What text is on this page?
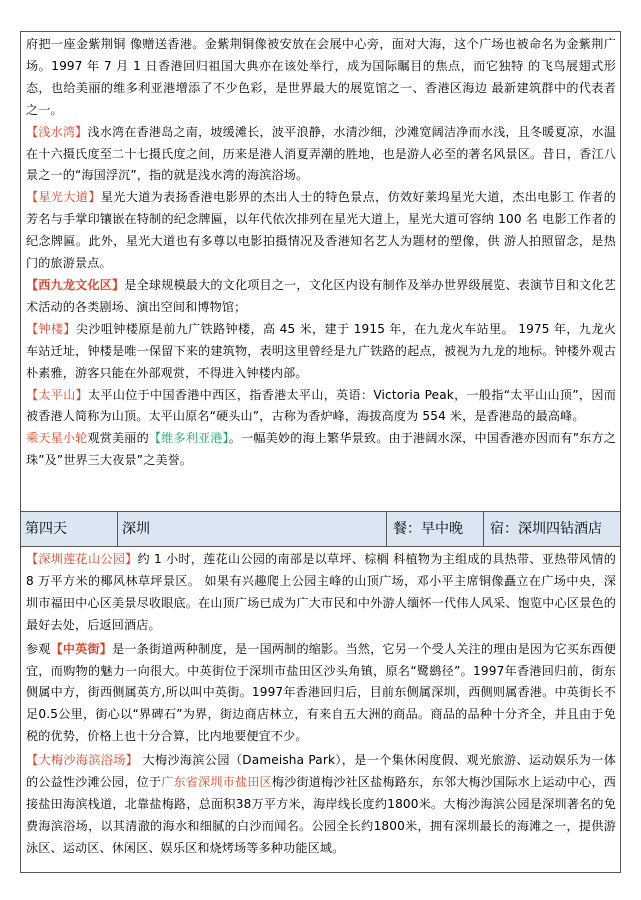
府把一座金紫荆铜 像赠送香港。金紫荆铜像被安放在会展中心旁，面对大海，这个广场也被命名为金紫荆广场。1997 年 7 月 1 日香港回归祖国大典亦在该处举行，成为国际瞩目的焦点，而它独特 的飞鸟展翅式形态，也给美丽的维多利亚港增添了不少色彩，是世界最大的展览馆之一、香港区海边 最新建筑群中的代表者之一。

【浅水湾】浅水湾在香港岛之南，坡缓滩长，波平浪静，水清沙细，沙滩宽阔洁净而水浅，且冬暖夏凉，水温在十六摄氏度至二十七摄氏度之间，历来是港人消夏弄潮的胜地，也是游人必至的著名风景区。昔日，香江八景之一的“海国浮沉”，指的就是浅水湾的海滨浴场。

【星光大道】星光大道为表扬香港电影界的杰出人士的特色景点，仿效好莱坞星光大道，杰出电影工 作者的芳名与手掌印镶嵌在特制的纪念牌匾，以年代依次排列在星光大道上，星光大道可容纳 100 名 电影工作者的纪念牌匾。此外，星光大道也有多尊以电影拍摄情况及香港知名艺人为题材的塑像，供 游人拍照留念，是热门的旅游景点。

【西九龙文化区】是全球规模最大的文化项目之一，文化区内设有制作及举办世界级展览、表演节目和文化艺术活动的各类剧场、演出空间和博物馆；

【钟楼】尖沙咀钟楼原是前九广铁路钟楼，高 45 米，建于 1915 年，在九龙火车站里。 1975 年，九龙火车站迁址，钟楼是唯一保留下来的建筑物，表明这里曾经是九广铁路的起点，被视为九龙的地标。钟楼外观古朴素雅，游客只能在外部观赏，不得进入钟楼内部。

【太平山】太平山位于中国香港中西区，指香港太平山，英语：Victoria Peak，一般指“太平山山顶”，因而被香港人简称为山顶。太平山原名“硬头山”，古称为香炉峰，海拔高度为 554 米，是香港岛的最高峰。

乘天星小轮观赏美丽的【维多利亚港】。一幅美妙的海上繁华景致。由于港阔水深，中国香港亦因而有”东方之珠”及”世界三大夜景”之美誉。

第四天	深圳	餐：早中晚	宿：深圳四钻酒店

【深圳莲花山公园】约 1 小时，莲花山公园的南部是以草坪、棕榈 科植物为主组成的具热带、亚热带风情的 8 万平方米的椰风林草坪景区。 如果有兴趣爬上公园主峰的山顶广场，邓小平主席铜像矗立在广场中央，深圳市福田中心区美景尽收眼底。在山顶广场已成为广大市民和中外游人缅怀一代伟人风采、饱览中心区景色的最好去处，后返回酒店。

参观【中英街】是一条街道两种制度，是一国两制的缩影。当然，它另一个受人关注的理由是因为它买东西便宜，而购物的魅力一向很大。中英街位于深圳市盐田区沙头角镇，原名“鹭鹚径”。1997年香港回归前，街东侧属中方，街西侧属英方,所以叫中英街。1997年香港回归后，目前东侧属深圳，西侧则属香港。中英街长不足0.5公里，街心以“界碑石”为界，街边商店林立，有来自五大洲的商品。商品的品种十分齐全，并且由于免税的优势，价格上也十分合算，比内地要便宜不少。

【大梅沙海滨浴场】 大梅沙海滨公园（Dameisha Park），是一个集休闲度假、观光旅游、运动娱乐为一体的公益性沙滩公园，位于广东省深圳市盐田区梅沙街道梅沙社区盐梅路东，东邻大梅沙国际水上运动中心，西接盐田海滨栈道，北靠盐梅路，总面积38万平方米，海岸线长度约1800米。大梅沙海滨公园是深圳著名的免费海滨浴场，以其清澈的海水和细腻的白沙而闻名。公园全长约1800米，拥有深圳最长的海滩之一，提供游泳区、运动区、休闲区、娱乐区和烧烤场等多种功能区域。
